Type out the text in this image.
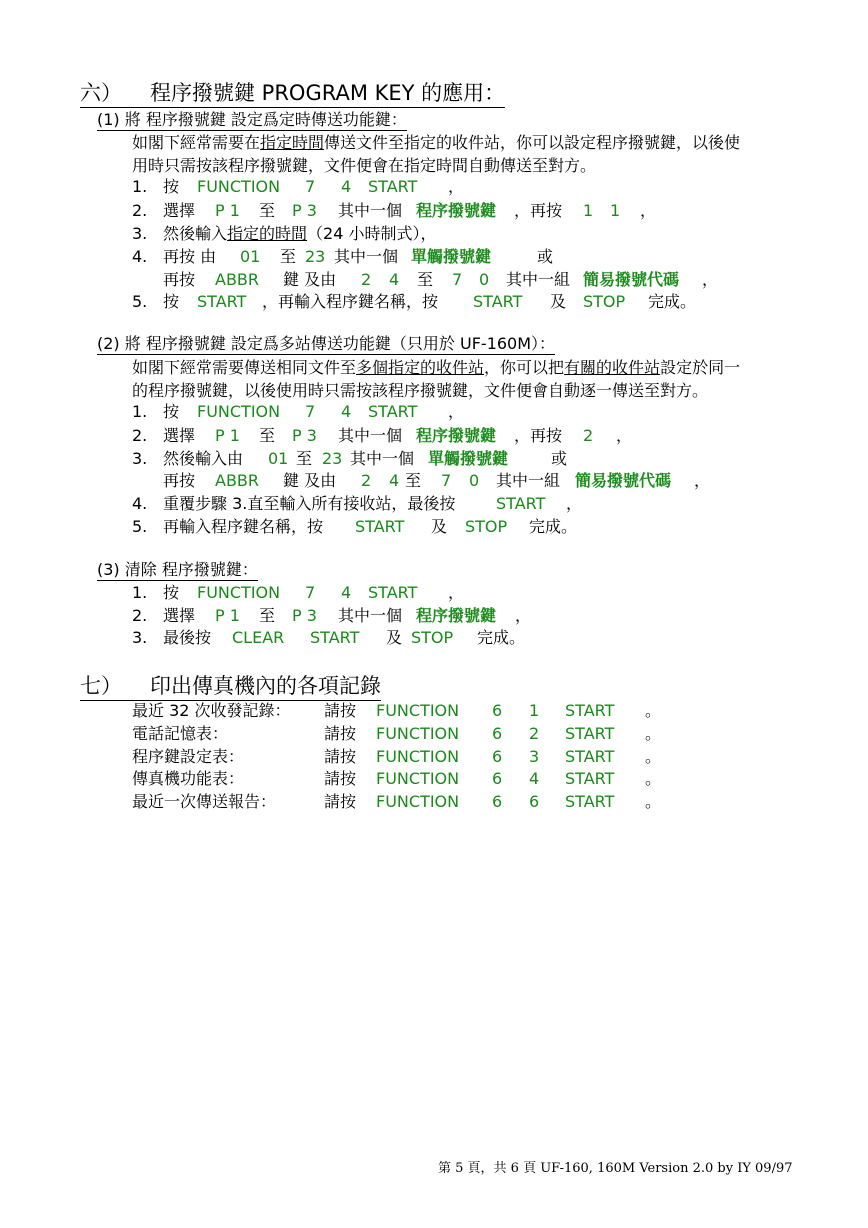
六） 程序撥號鍵 PROGRAM KEY 的應用：
(1) 將 程序撥號鍵 設定爲定時傳送功能鍵：
如閣下經常需要在指定時間傳送文件至指定的收件站，你可以設定程序撥號鍵，以後使
用時只需按該程序撥號鍵，文件便會在指定時間自動傳送至對方。
1. 按 FUNCTION 7 4 START ，
2. 選擇 P 1 至 P 3 其中一個 程序撥號鍵 ，再按 1 1 ，
3. 然後輸入指定的時間（24 小時制式），
4. 再按 由 01 至 23 其中一個 單觸撥號鍵	或
再按 ABBR 鍵 及由 2 4 至 7 0 其中一組 簡易撥號代碼 ，
5. 按 START ，再輸入程序鍵名稱，按 START 及 STOP 完成。
(2) 將 程序撥號鍵 設定爲多站傳送功能鍵（只用於 UF-160M）：
如閣下經常需要傳送相同文件至多個指定的收件站，你可以把有關的收件站設定於同一
的程序撥號鍵，以後使用時只需按該程序撥號鍵，文件便會自動逐一傳送至對方。
1. 按 FUNCTION 7 4 START ，
2. 選擇 P 1 至 P 3 其中一個 程序撥號鍵 ，再按 2 ，
3. 然後輸入由 01 至 23 其中一個 單觸撥號鍵	或
再按 ABBR 鍵 及由 2 4 至 7 0 其中一組 簡易撥號代碼 ，
4. 重覆步驟 3.直至輸入所有接收站，最後按	START ，
5. 再輸入程序鍵名稱，按 START 及 STOP 完成。
(3) 清除 程序撥號鍵：
1. 按 FUNCTION 7 4 START ，
2. 選擇 P 1 至 P 3 其中一個 程序撥號鍵 ，
3. 最後按 CLEAR START 及 STOP 完成。
七） 印出傳真機內的各項記錄
最近 32 次收發記錄： 請按 FUNCTION 6 1 START 。
電話記憶表：	請按 FUNCTION 6 2 START 。
程序鍵設定表：	請按 FUNCTION 6 3 START 。
傳真機功能表：	請按 FUNCTION 6 4 START 。
最近一次傳送報告：	請按 FUNCTION 6 6 START 。
第 5 頁，共 6 頁 UF-160, 160M Version 2.0 by IY 09/97
